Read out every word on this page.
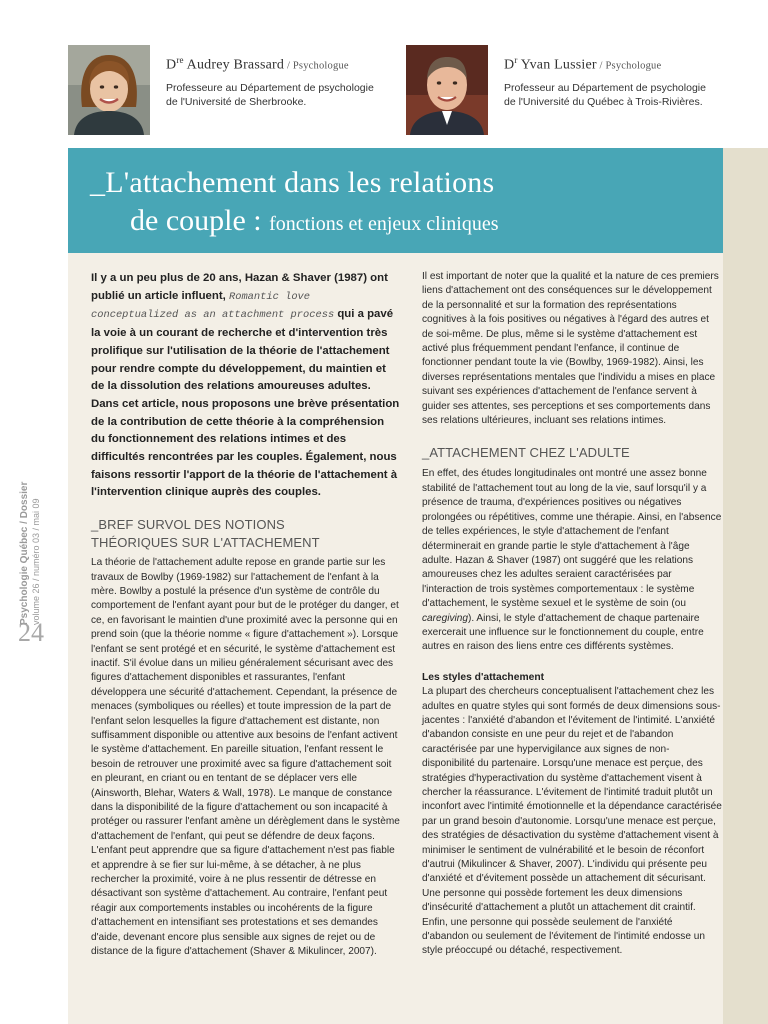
Dre Audrey Brassard / Psychologue
Professeure au Département de psychologie
de l'Université de Sherbrooke.
$D^r$ Yvan Lussier / Psychologue
Professeur au Département de psychologie
de l'Université du Québec à Trois-Rivières.
_L'attachement dans les relations
de couple : fonctions et enjeux cliniques
Psychologie Québec / Dossier volume 26 / numéro 03 / mai 09
24

Il y a un peu plus de 20 ans, Hazan & Shaver (1987) ont publié un article influent, Romantic love conceptualized as an attachment process qui a pavé la voie à un courant de recherche et d'intervention très prolifique sur l'utilisation de la théorie de l'attachement pour rendre compte du développement, du maintien et de la dissolution des relations amoureuses adultes. Dans cet article, nous proposons une brève présentation de la contribution de cette théorie à la compréhension du fonctionnement des relations intimes et des difficultés rencontrées par les couples. Également, nous faisons ressortir l'apport de la théorie de l'attachement à l'intervention clinique auprès des couples.

_BREF SURVOL DES NOTIONS
THÉORIQUES SUR L'ATTACHEMENT

La théorie de l'attachement adulte repose en grande partie sur les travaux de Bowlby (1969-1982) sur l'attachement de l'enfant à la mère. Bowlby a postulé la présence d'un système de contrôle du comportement de l'enfant ayant pour but de le protéger du danger, et ce, en favorisant le maintien d'une proximité avec la personne qui en prend soin (que la théorie nomme « figure d'attachement »). Lorsque l'enfant se sent protégé et en sécurité, le système d'attachement est inactif. S'il évolue dans un milieu généralement sécurisant avec des figures d'attachement disponibles et rassurantes, l'enfant développera une sécurité d'attachement. Cependant, la présence de menaces (symboliques ou réelles) et toute impression de la part de l'enfant selon lesquelles la figure d'attachement est distante, non suffisamment disponible ou attentive aux besoins de l'enfant activent le système d'attachement. En pareille situation, l'enfant ressent le besoin de retrouver une proximité avec sa figure d'attachement soit en pleurant, en criant ou en tentant de se déplacer vers elle (Ainsworth, Blehar, Waters & Wall, 1978). Le manque de constance dans la disponibilité de la figure d'attachement ou son incapacité à protéger ou rassurer l'enfant amène un dérèglement dans le système d'attachement de l'enfant, qui peut se défendre de deux façons. L'enfant peut apprendre que sa figure d'attachement n'est pas fiable et apprendre à se fier sur lui-même, à se détacher, à ne plus rechercher la proximité, voire à ne plus ressentir de détresse en désactivant son système d'attachement. Au contraire, l'enfant peut réagir aux comportements instables ou incohérents de la figure d'attachement en intensifiant ses protestations et ses demandes d'aide, devenant encore plus sensible aux signes de rejet ou de distance de la figure d'attachement (Shaver & Mikulincer, 2007).

Il est important de noter que la qualité et la nature de ces premiers liens d'attachement ont des conséquences sur le développement de la personnalité et sur la formation des représentations cognitives à la fois positives ou négatives à l'égard des autres et de soi-même. De plus, même si le système d'attachement est activé plus fréquemment pendant l'enfance, il continue de fonctionner pendant toute la vie (Bowlby, 1969-1982). Ainsi, les diverses représentations mentales que l'individu a mises en place suivant ses expériences d'attachement de l'enfance servent à guider ses attentes, ses perceptions et ses comportements dans ses relations ultérieures, incluant ses relations intimes.

_ATTACHEMENT CHEZ L'ADULTE

En effet, des études longitudinales ont montré une assez bonne stabilité de l'attachement tout au long de la vie, sauf lorsqu'il y a présence de trauma, d'expériences positives ou négatives prolongées ou répétitives, comme une thérapie. Ainsi, en l'absence de telles expériences, le style d'attachement de l'enfant déterminerait en grande partie le style d'attachement à l'âge adulte. Hazan & Shaver (1987) ont suggéré que les relations amoureuses chez les adultes seraient caractérisées par l'interaction de trois systèmes comportementaux : le système d'attachement, le système sexuel et le système de soin (ou caregiving). Ainsi, le style d'attachement de chaque partenaire exercerait une influence sur le fonctionnement du couple, entre autres en raison des liens entre ces différents systèmes.

Les styles d'attachement

La plupart des chercheurs conceptualisent l'attachement chez les adultes en quatre styles qui sont formés de deux dimensions sous-jacentes : l'anxiété d'abandon et l'évitement de l'intimité. L'anxiété d'abandon consiste en une peur du rejet et de l'abandon caractérisée par une hypervigilance aux signes de non-disponibilité du partenaire. Lorsqu'une menace est perçue, des stratégies d'hyperactivation du système d'attachement visent à chercher la réassurance. L'évitement de l'intimité traduit plutôt un inconfort avec l'intimité émotionnelle et la dépendance caractérisée par un grand besoin d'autonomie. Lorsqu'une menace est perçue, des stratégies de désactivation du système d'attachement visent à minimiser le sentiment de vulnérabilité et le besoin de réconfort d'autrui (Mikulincer & Shaver, 2007). L'individu qui présente peu d'anxiété et d'évitement possède un attachement dit sécurisant. Une personne qui possède fortement les deux dimensions d'insécurité d'attachement a plutôt un attachement dit craintif. Enfin, une personne qui possède seulement de l'anxiété d'abandon ou seulement de l'évitement de l'intimité endosse un style préoccupé ou détaché, respectivement.
